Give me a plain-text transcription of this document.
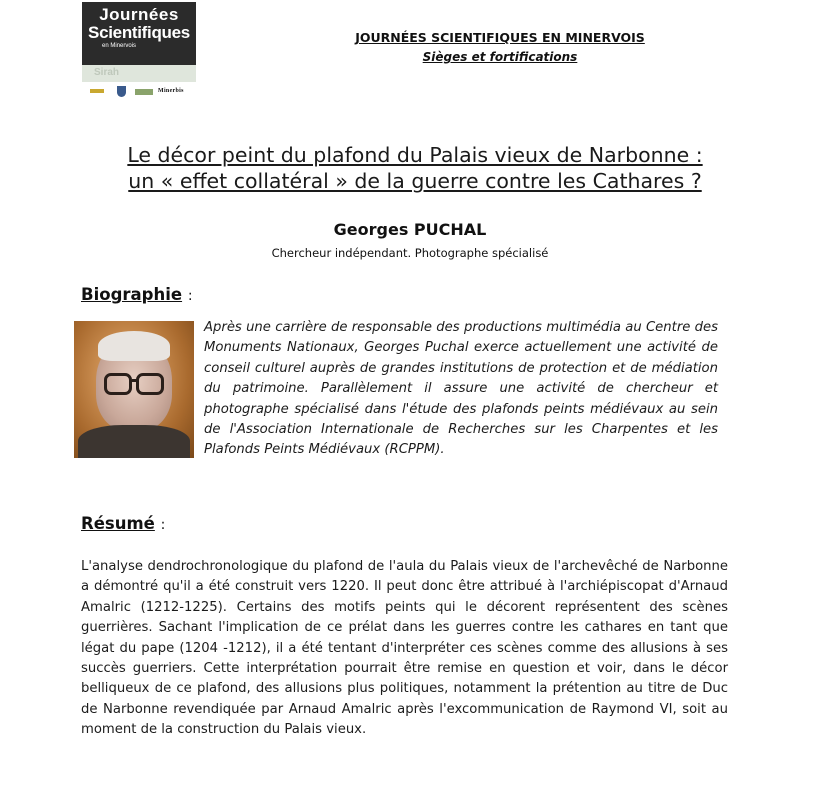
Journées
Scientifiques
en Minervois
Sirah
Minerbis
JOURNÉES SCIENTIFIQUES EN MINERVOIS
Sièges et fortifications
Le décor peint du plafond du Palais vieux de Narbonne :
un « effet collatéral » de la guerre contre les Cathares ?
Georges PUCHAL
Chercheur indépendant. Photographe spécialisé
Biographie :
Après une carrière de responsable des productions multimédia au Centre des Monuments Nationaux, Georges Puchal exerce actuellement une activité de conseil culturel auprès de grandes institutions de protection et de médiation du patrimoine. Parallèlement il assure une activité de chercheur et photographe spécialisé dans l'étude des plafonds peints médiévaux au sein de l'Association Internationale de Recherches sur les Charpentes et les Plafonds Peints Médiévaux (RCPPM).
Résumé :
L'analyse dendrochronologique du plafond de l'aula du Palais vieux de l'archevêché de Narbonne a démontré qu'il a été construit vers 1220. Il peut donc être attribué à l'archiépiscopat d'Arnaud Amalric (1212-1225). Certains des motifs peints qui le décorent représentent des scènes guerrières. Sachant l'implication de ce prélat dans les guerres contre les cathares en tant que légat du pape (1204 -1212), il a été tentant d'interpréter ces scènes comme des allusions à ses succès guerriers. Cette interprétation pourrait être remise en question et voir, dans le décor belliqueux de ce plafond, des allusions plus politiques, notamment la prétention au titre de Duc de Narbonne revendiquée par Arnaud Amalric après l'excommunication de Raymond VI, soit au moment de la construction du Palais vieux.
